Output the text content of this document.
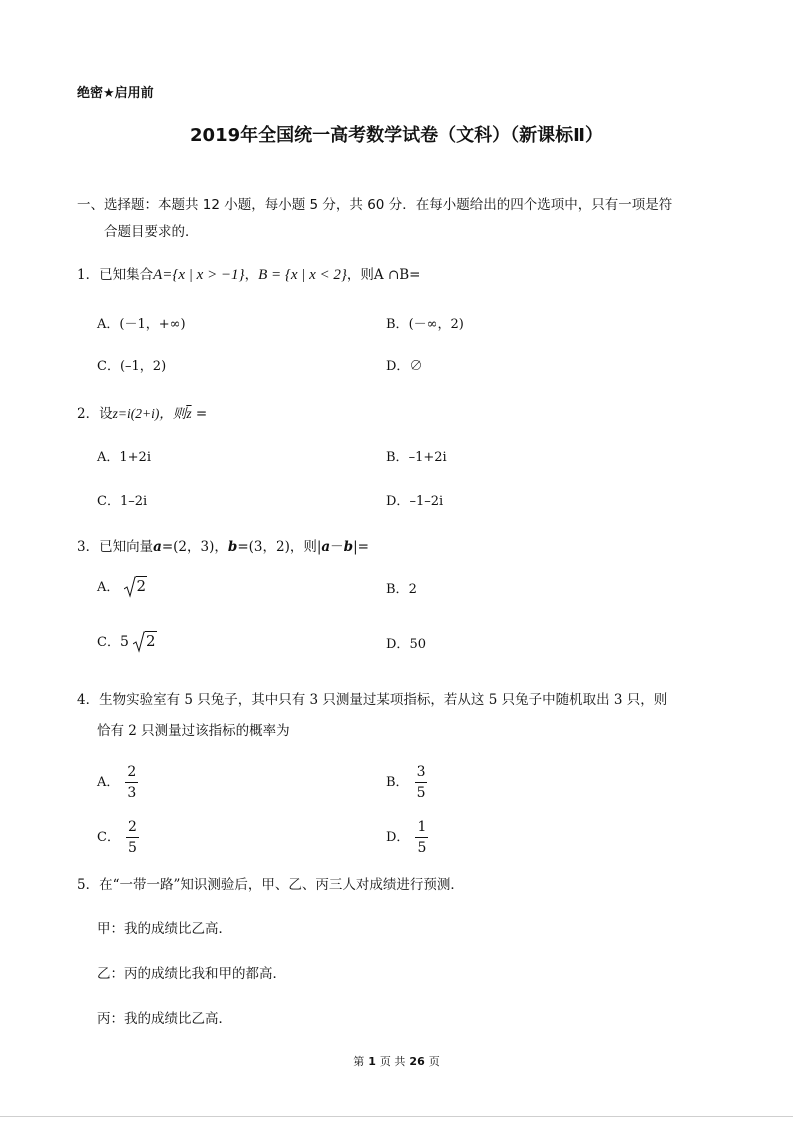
绝密★启用前
2019年全国统一高考数学试卷（文科）（新课标Ⅱ）
一、选择题：本题共 12 小题，每小题 5 分，共 60 分．在每小题给出的四个选项中，只有一项是符
合题目要求的．
1．已知集合A={x | x > −1}，B = {x | x < 2}，则A ∩B=
A．(－1，+∞)	B．(－∞，2)
C．(–1，2)	D．∅
2．设z=i(2+i)，则$\overline{z}$ =
A．1+2i	B．–1+2i
C．1–2i	D．–1–2i
3．已知向量a=(2，3)，b=(3，2)，则|a－b|=
A． 2	B．2
C．5 2	D．50
4．生物实验室有 5 只兔子，其中只有 3 只测量过某项指标，若从这 5 只兔子中随机取出 3 只，则
恰有 2 只测量过该指标的概率为
A． $\frac{2}{3}$	B． $\frac{3}{5}$
C． $\frac{2}{5}$	D． $\frac{1}{5}$
5．在“一带一路”知识测验后，甲、乙、丙三人对成绩进行预测．
甲：我的成绩比乙高．
乙：丙的成绩比我和甲的都高．
丙：我的成绩比乙高．
第 1 页 共 26 页
